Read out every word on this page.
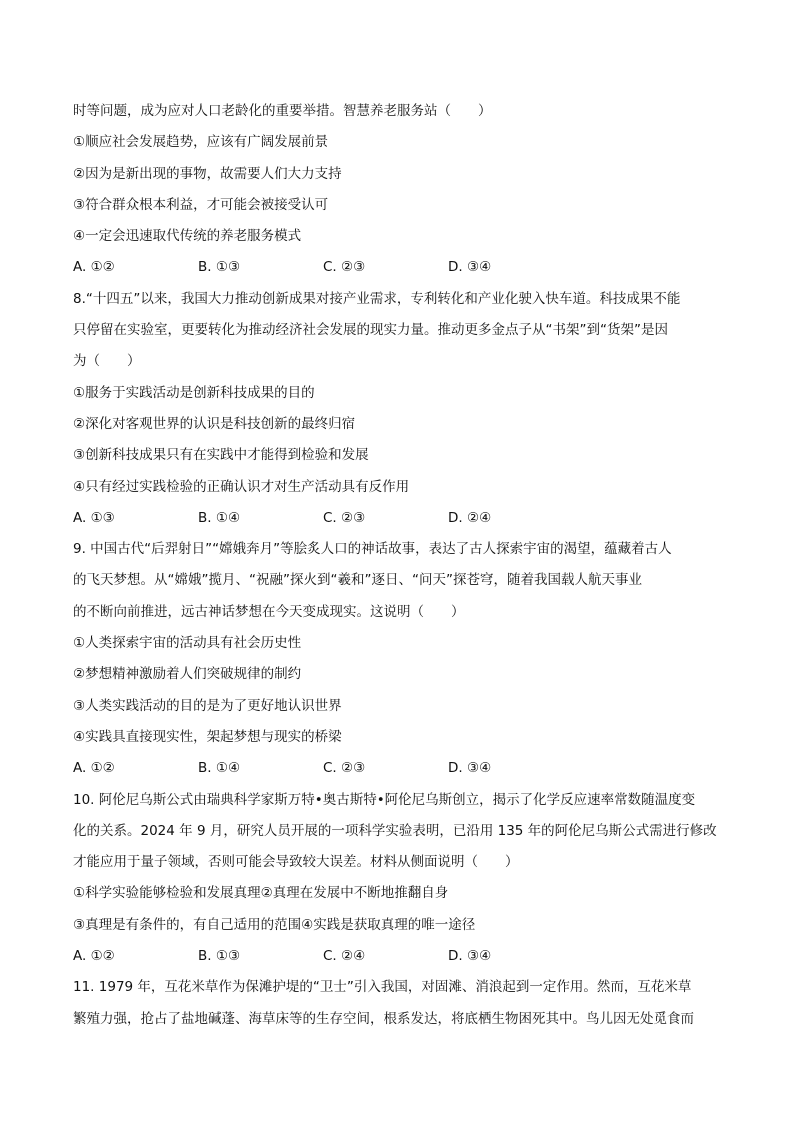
时等问题，成为应对人口老龄化的重要举措。智慧养老服务站（　　）
①顺应社会发展趋势，应该有广阔发展前景
②因为是新出现的事物，故需要人们大力支持
③符合群众根本利益，才可能会被接受认可
④一定会迅速取代传统的养老服务模式
A. ①②	B. ①③	C. ②③	D. ③④
8.“十四五”以来，我国大力推动创新成果对接产业需求，专利转化和产业化驶入快车道。科技成果不能
只停留在实验室，更要转化为推动经济社会发展的现实力量。推动更多金点子从“书架”到“货架”是因
为（　　）
①服务于实践活动是创新科技成果的目的
②深化对客观世界的认识是科技创新的最终归宿
③创新科技成果只有在实践中才能得到检验和发展
④只有经过实践检验的正确认识才对生产活动具有反作用
A. ①③	B. ①④	C. ②③	D. ②④
9. 中国古代“后羿射日”“嫦娥奔月”等脍炙人口的神话故事，表达了古人探索宇宙的渴望，蕴藏着古人
的飞天梦想。从“嫦娥”揽月、“祝融”探火到“羲和”逐日、“问天”探苍穹，随着我国载人航天事业
的不断向前推进，远古神话梦想在今天变成现实。这说明（　　）
①人类探索宇宙的活动具有社会历史性
②梦想精神激励着人们突破规律的制约
③人类实践活动的目的是为了更好地认识世界
④实践具直接现实性，架起梦想与现实的桥梁
A. ①②	B. ①④	C. ②③	D. ③④
10. 阿伦尼乌斯公式由瑞典科学家斯万特•奥古斯特•阿伦尼乌斯创立，揭示了化学反应速率常数随温度变
化的关系。2024 年 9 月，研究人员开展的一项科学实验表明，已沿用 135 年的阿伦尼乌斯公式需进行修改
才能应用于量子领域，否则可能会导致较大误差。材料从侧面说明（　　）
①科学实验能够检验和发展真理②真理在发展中不断地推翻自身
③真理是有条件的，有自己适用的范围④实践是获取真理的唯一途径
A. ①②	B. ①③	C. ②④	D. ③④
11. 1979 年，互花米草作为保滩护堤的“卫士”引入我国，对固滩、消浪起到一定作用。然而，互花米草
繁殖力强，抢占了盐地碱蓬、海草床等的生存空间，根系发达，将底栖生物困死其中。鸟儿因无处觅食而
